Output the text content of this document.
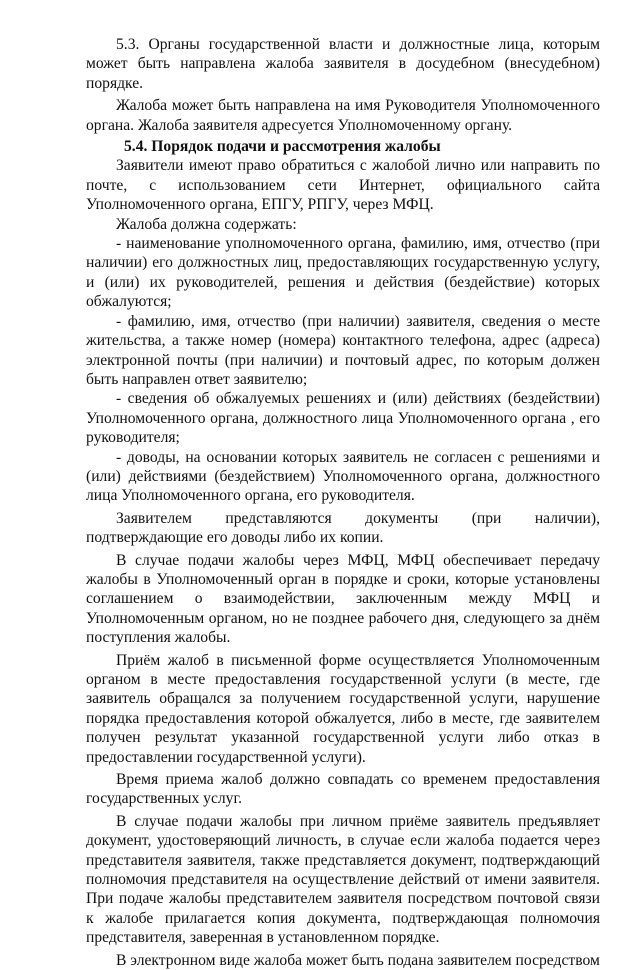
5.3. Органы государственной власти и должностные лица, которым может быть направлена жалоба заявителя в досудебном (внесудебном) порядке.

Жалоба может быть направлена на имя Руководителя Уполномоченного органа. Жалоба заявителя адресуется Уполномоченному органу.

5.4. Порядок подачи и рассмотрения жалобы

Заявители имеют право обратиться с жалобой лично или направить по почте, с использованием сети Интернет, официального сайта Уполномоченного органа, ЕПГУ, РПГУ, через МФЦ.

Жалоба должна содержать:

- наименование уполномоченного органа, фамилию, имя, отчество (при наличии) его должностных лиц, предоставляющих государственную услугу, и (или) их руководителей, решения и действия (бездействие) которых обжалуются;

- фамилию, имя, отчество (при наличии) заявителя, сведения о месте жительства, а также номер (номера) контактного телефона, адрес (адреса) электронной почты (при наличии) и почтовый адрес, по которым должен быть направлен ответ заявителю;

- сведения об обжалуемых решениях и (или) действиях (бездействии) Уполномоченного органа, должностного лица Уполномоченного органа , его руководителя;

- доводы, на основании которых заявитель не согласен с решениями и (или) действиями (бездействием) Уполномоченного органа, должностного лица Уполномоченного органа, его руководителя.

Заявителем представляются документы (при наличии), подтверждающие его доводы либо их копии.

В случае подачи жалобы через МФЦ, МФЦ обеспечивает передачу жалобы в Уполномоченный орган в порядке и сроки, которые установлены соглашением о взаимодействии, заключенным между МФЦ и Уполномоченным органом, но не позднее рабочего дня, следующего за днём поступления жалобы.

Приём жалоб в письменной форме осуществляется Уполномоченным органом в месте предоставления государственной услуги (в месте, где заявитель обращался за получением государственной услуги, нарушение порядка предоставления которой обжалуется, либо в месте, где заявителем получен результат указанной государственной услуги либо отказ в предоставлении государственной услуги).

Время приема жалоб должно совпадать со временем предоставления государственных услуг.

В случае подачи жалобы при личном приёме заявитель предъявляет документ, удостоверяющий личность, в случае если жалоба подается через представителя заявителя, также представляется документ, подтверждающий полномочия представителя на осуществление действий от имени заявителя. При подаче жалобы представителем заявителя посредством почтовой связи к жалобе прилагается копия документа, подтверждающая полномочия представителя, заверенная в установленном порядке.

В электронном виде жалоба может быть подана заявителем посредством
